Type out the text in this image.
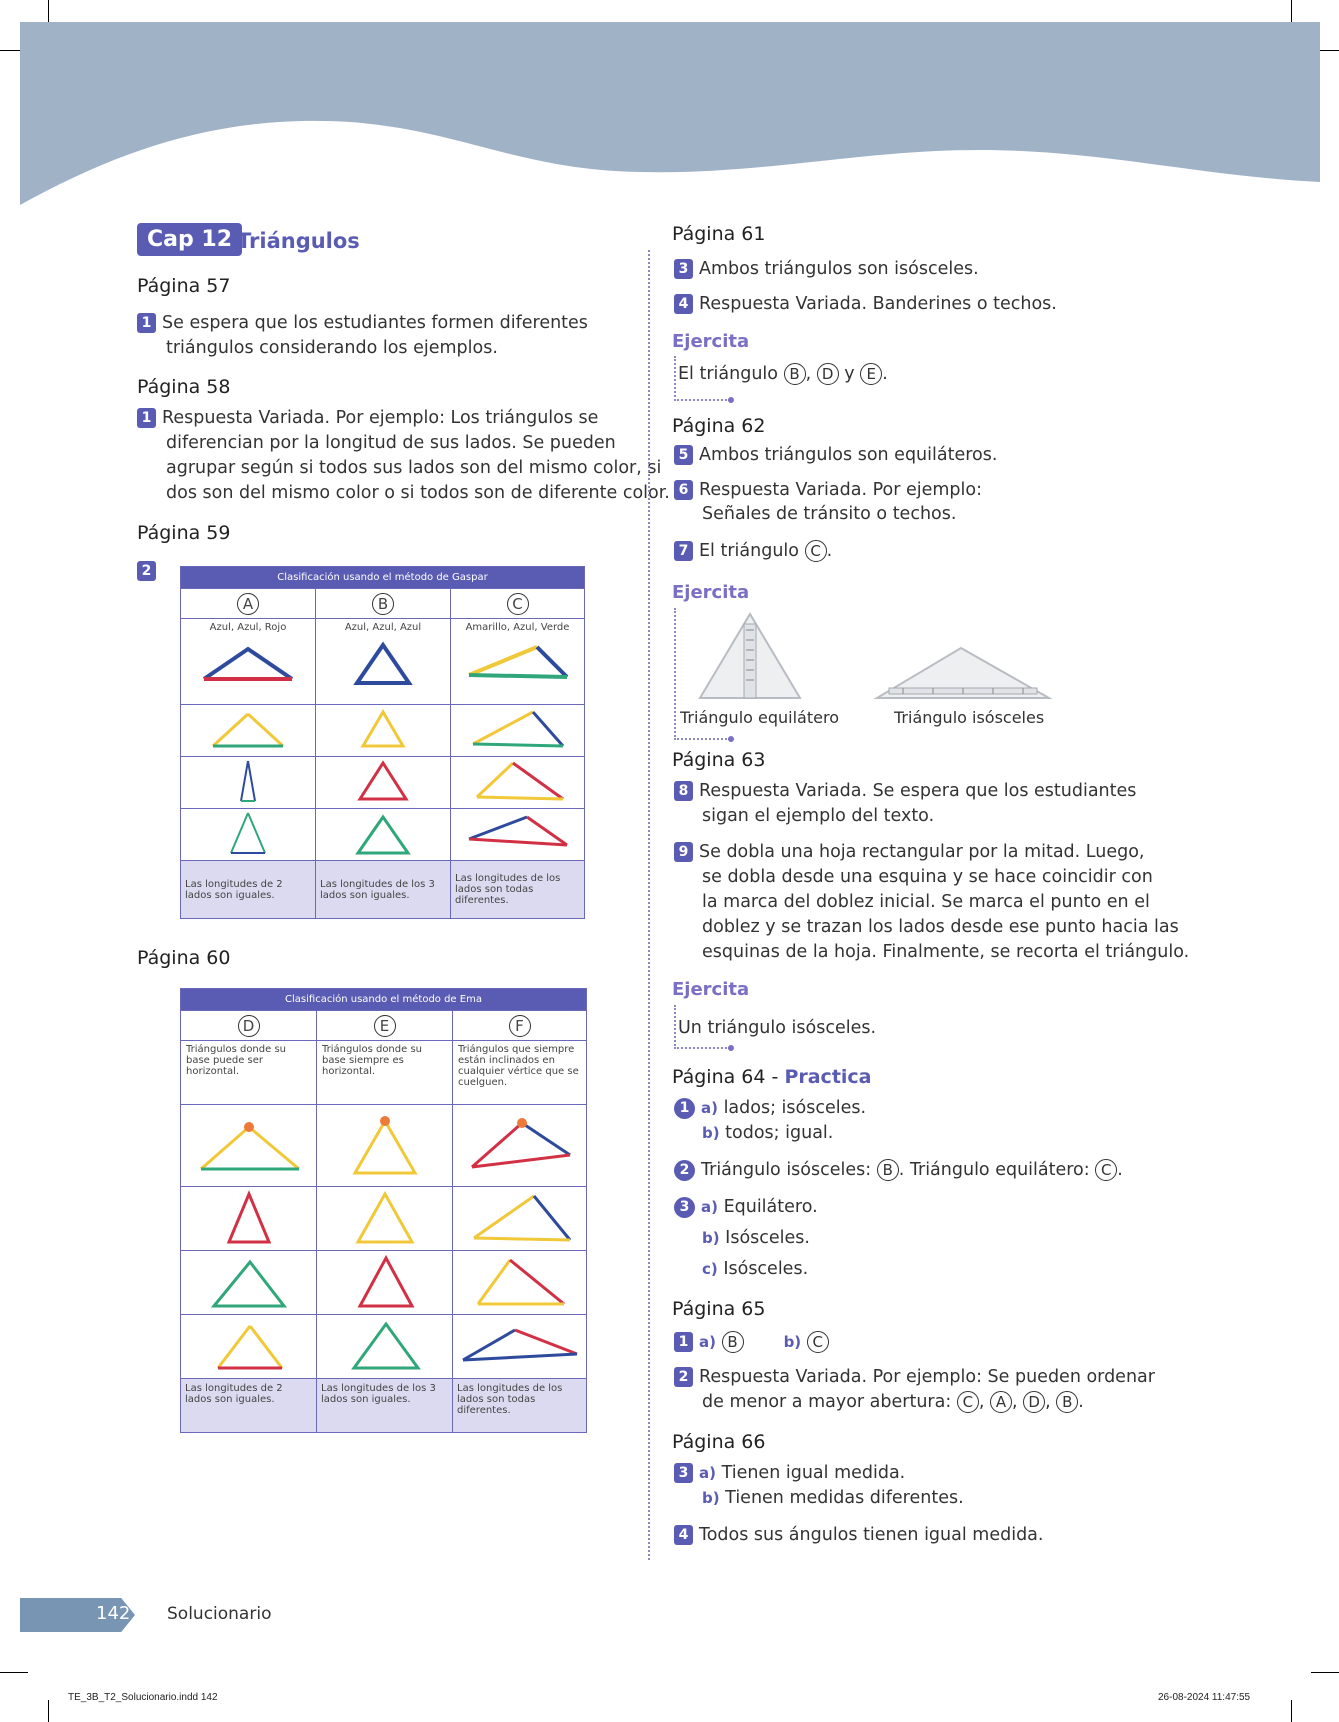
Cap 12 Triángulos
Página 57
1 Se espera que los estudiantes formen diferentes
triángulos considerando los ejemplos.
Página 58
1 Respuesta Variada. Por ejemplo: Los triángulos se
diferencian por la longitud de sus lados. Se pueden
agrupar según si todos sus lados son del mismo color, si
dos son del mismo color o si todos son de diferente color.
Página 59
2	Clasificación usando el método de Gaspar		
A	B	C

Azul, Azul, Rojo	Azul, Azul, Azul	Amarillo, Azul, Verde

Las longitudes de 2 lados son iguales.	Las longitudes de los 3 lados son iguales.	Las longitudes de los lados son todas diferentes.
Página 60
Clasificación usando el método de Ema		
D	E	F
Triángulos donde su base puede ser horizontal.	Triángulos donde su base siempre es horizontal.	Triángulos que siempre están inclinados en cualquier vértice que se cuelguen.

Las longitudes de 2 lados son iguales.	Las longitudes de los 3 lados son iguales.	Las longitudes de los lados son todas diferentes.
Página 61
3 Ambos triángulos son isósceles.
4 Respuesta Variada. Banderines o techos.
Ejercita
El triángulo B , D y E .
Página 62
5 Ambos triángulos son equiláteros.
6 Respuesta Variada. Por ejemplo:
Señales de tránsito o techos.
7 El triángulo C .
Ejercita
Triángulo equilátero	Triángulo isósceles
Página 63
8 Respuesta Variada. Se espera que los estudiantes
sigan el ejemplo del texto.
9 Se dobla una hoja rectangular por la mitad. Luego,
se dobla desde una esquina y se hace coincidir con
la marca del doblez inicial. Se marca el punto en el
doblez y se trazan los lados desde ese punto hacia las
esquinas de la hoja. Finalmente, se recorta el triángulo.
Ejercita
Un triángulo isósceles.
Página 64 - Practica
1 a) lados; isósceles.
b) todos; igual.
2 Triángulo isósceles: B . Triángulo equilátero: C .
3 a) Equilátero.
b) Isósceles.
c) Isósceles.
Página 65
1 a) B	b) C
2 Respuesta Variada. Por ejemplo: Se pueden ordenar
de menor a mayor abertura: C , A , D , B .
Página 66
3 a) Tienen igual medida.
b) Tienen medidas diferentes.
4 Todos sus ángulos tienen igual medida.
142 Solucionario
TE_3B_T2_Solucionario.indd 142	26-08-2024 11:47:55
